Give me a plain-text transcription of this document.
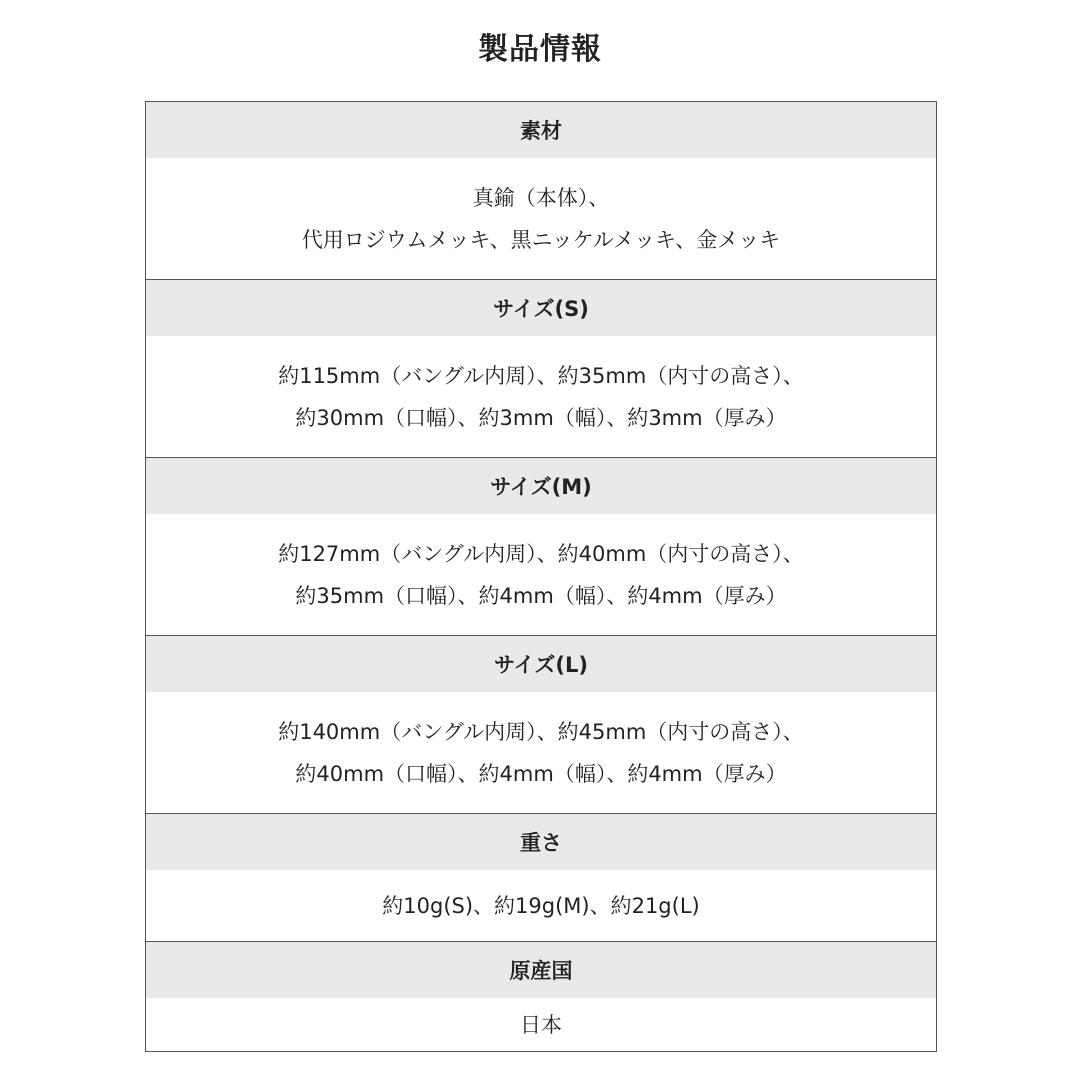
製品情報
素材
真鍮（本体）、
代用ロジウムメッキ、黒ニッケルメッキ、金メッキ
サイズ(S)
約115mm（バングル内周）、約35mm（内寸の高さ）、
約30mm（口幅）、約3mm（幅）、約3mm（厚み）
サイズ(M)
約127mm（バングル内周）、約40mm（内寸の高さ）、
約35mm（口幅）、約4mm（幅）、約4mm（厚み）
サイズ(L)
約140mm（バングル内周）、約45mm（内寸の高さ）、
約40mm（口幅）、約4mm（幅）、約4mm（厚み）
重さ
約10g(S)、約19g(M)、約21g(L)
原産国
日本
